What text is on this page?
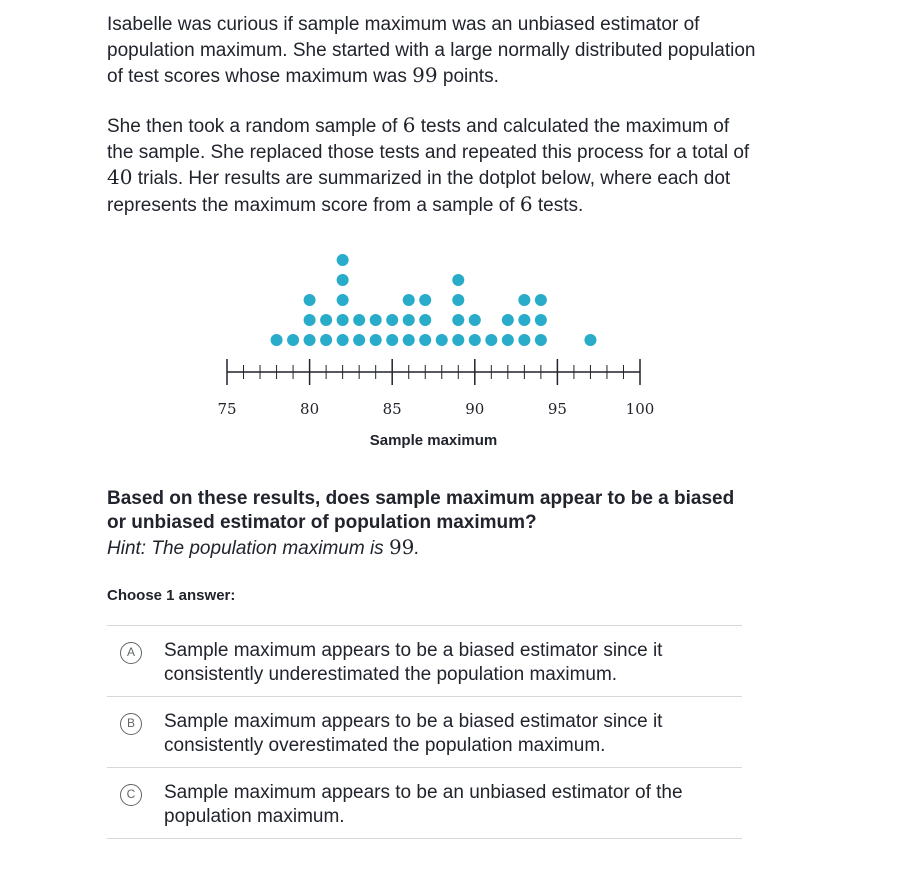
Isabelle was curious if sample maximum was an unbiased estimator of population maximum. She started with a large normally distributed population of test scores whose maximum was 99 points.

She then took a random sample of 6 tests and calculated the maximum of the sample. She replaced those tests and repeated this process for a total of 40 trials. Her results are summarized in the dotplot below, where each dot represents the maximum score from a sample of 6 tests.

75	80	85	90	95	100
Sample maximum
Based on these results, does sample maximum appear to be a biased or unbiased estimator of population maximum?
Hint: The population maximum is 99.

Choose 1 answer:

A	Sample maximum appears to be a biased estimator since it consistently underestimated the population maximum.
B	Sample maximum appears to be a biased estimator since it consistently overestimated the population maximum.
C	Sample maximum appears to be an unbiased estimator of the population maximum.
